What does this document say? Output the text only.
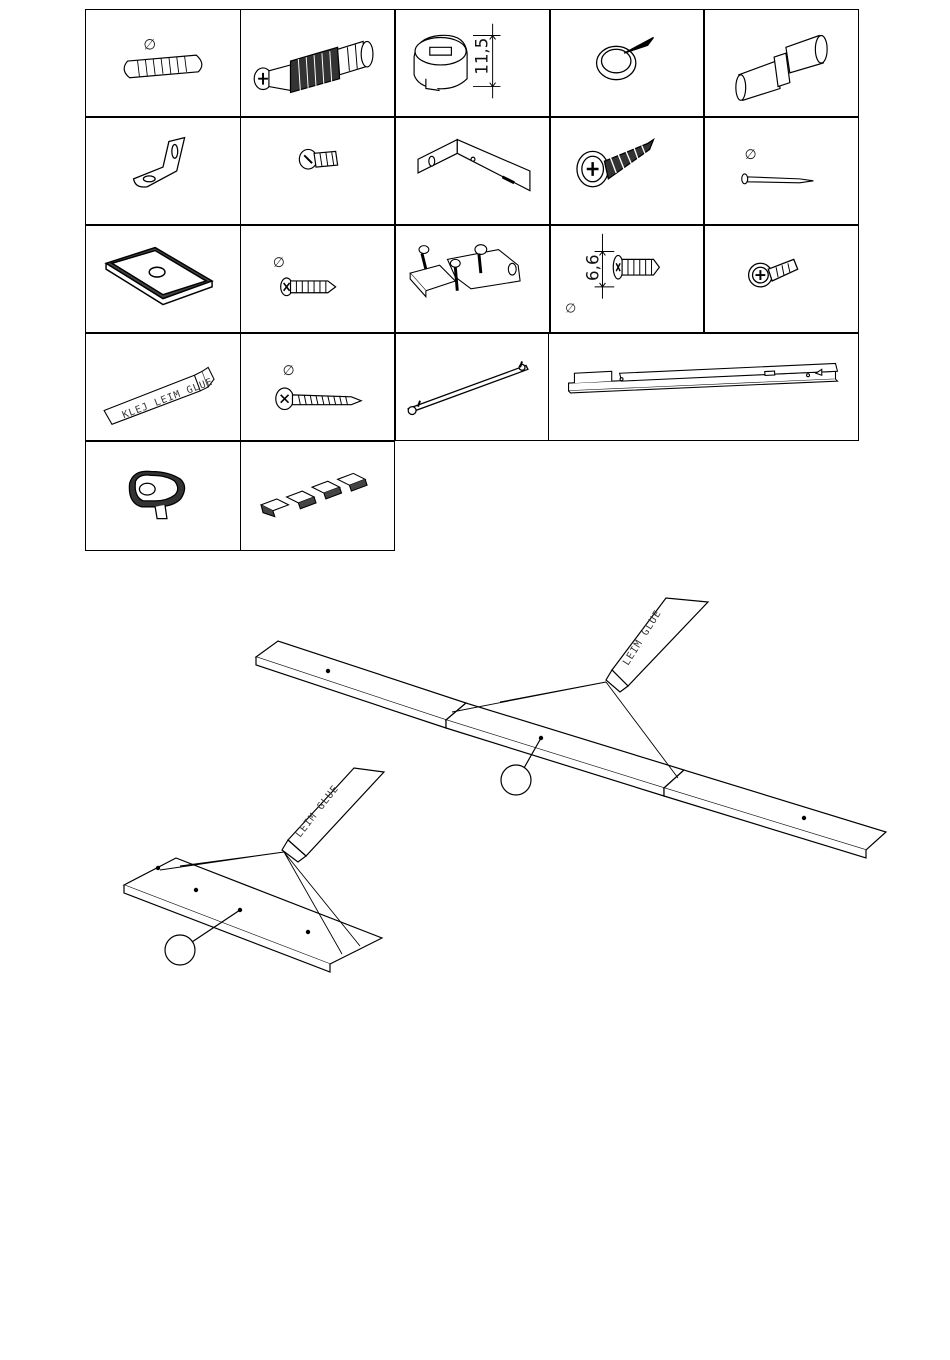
∅	11,5
∅
∅	6,6
∅
KLEJ LEIM GLUE
∅
LEIM GLUE
LEIM GLUE
